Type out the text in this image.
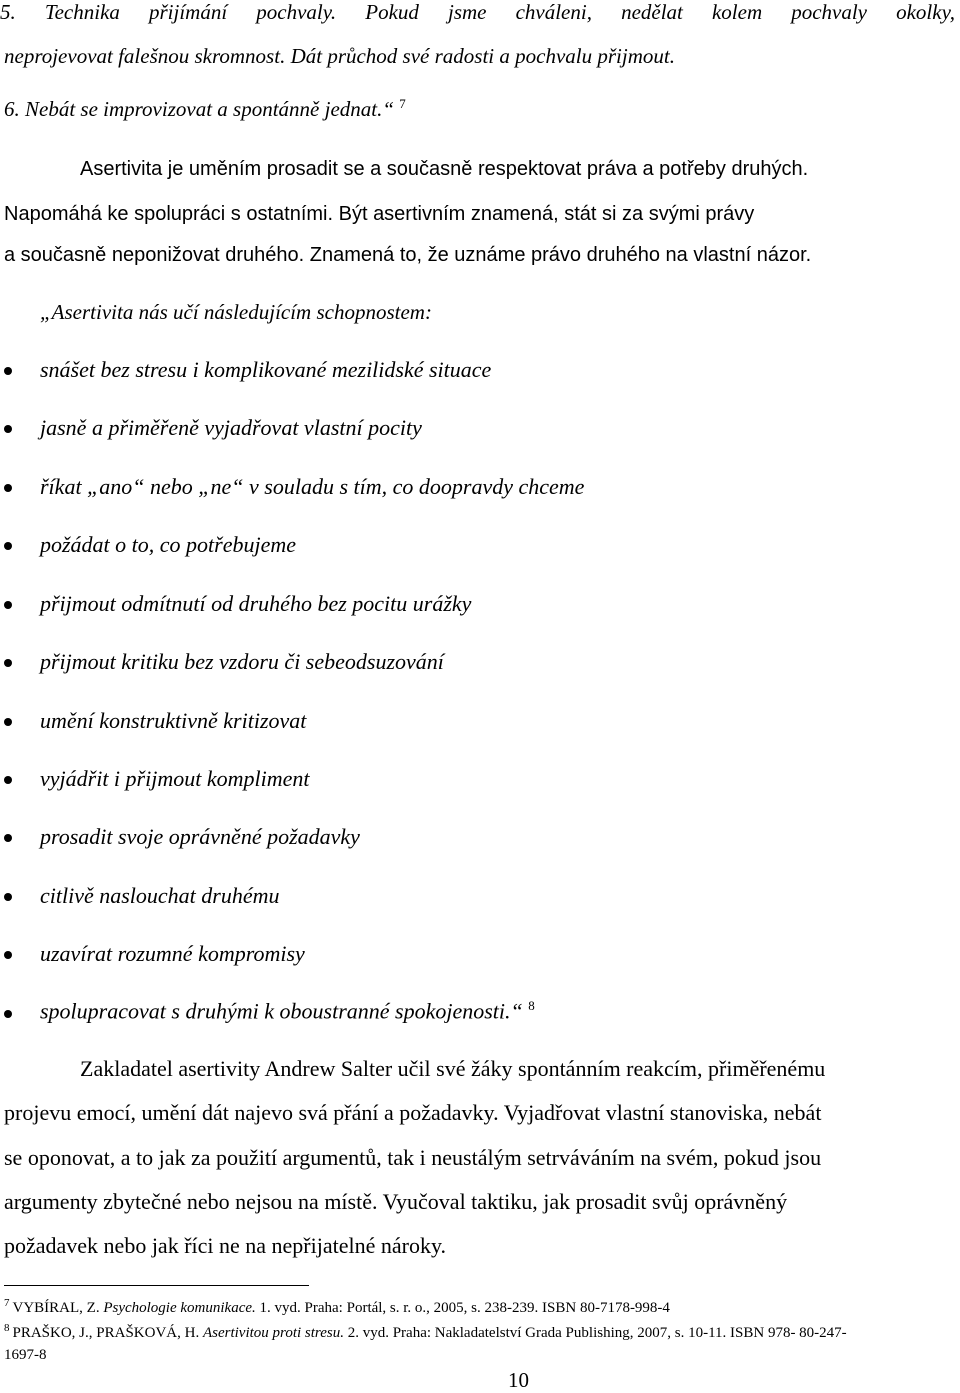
5. Technika přijímání pochvaly. Pokud jsme chváleni, nedělat kolem pochvaly okolky,
neprojevovat falešnou skromnost. Dát průchod své radosti a pochvalu přijmout.
6. Nebát se improvizovat a spontánně jednat.“ $^7$
Asertivita je uměním prosadit se a současně respektovat práva a potřeby druhých.
Napomáhá ke spolupráci s ostatními. Být asertivním znamená, stát si za svými právy
a současně neponižovat druhého. Znamená to, že uznáme právo druhého na vlastní názor.
„Asertivita nás učí následujícím schopnostem:
snášet bez stresu i komplikované mezilidské situace
jasně a přiměřeně vyjadřovat vlastní pocity
říkat „ano“ nebo „ne“ v souladu s tím, co doopravdy chceme
požádat o to, co potřebujeme
přijmout odmítnutí od druhého bez pocitu urážky
přijmout kritiku bez vzdoru či sebeodsuzování
umění konstruktivně kritizovat
vyjádřit i přijmout kompliment
prosadit svoje oprávněné požadavky
citlivě naslouchat druhému
uzavírat rozumné kompromisy
spolupracovat s druhými k oboustranné spokojenosti.“ $^8$
Zakladatel asertivity Andrew Salter učil své žáky spontánním reakcím, přiměřenému
projevu emocí, umění dát najevo svá přání a požadavky. Vyjadřovat vlastní stanoviska, nebát
se oponovat, a to jak za použití argumentů, tak i neustálým setrváváním na svém, pokud jsou
argumenty zbytečné nebo nejsou na místě. Vyučoval taktiku, jak prosadit svůj oprávněný
požadavek nebo jak říci ne na nepřijatelné nároky.
$^7$ VYBÍRAL, Z. Psychologie komunikace. 1. vyd. Praha: Portál, s. r. o., 2005, s. 238-239. ISBN 80-7178-998-4
$^8$ PRAŠKO, J., PRAŠKOVÁ, H. Asertivitou proti stresu. 2. vyd. Praha: Nakladatelství Grada Publishing, 2007, s. 10-11. ISBN 978- 80-247-
1697-8
10
